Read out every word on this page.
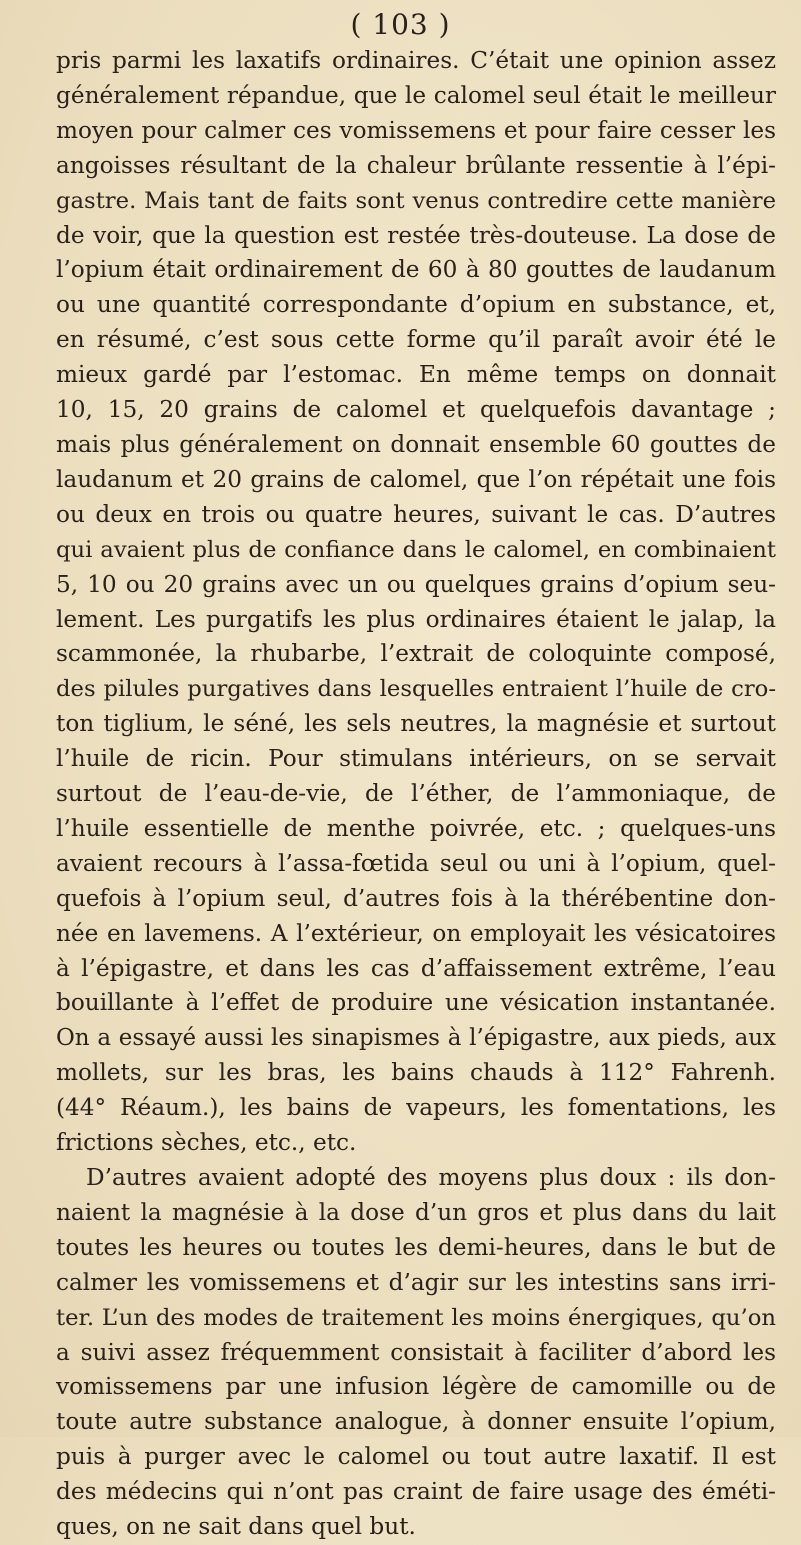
( 103 )
pris parmi les laxatifs ordinaires. C’était une opinion assez
généralement répandue, que le calomel seul était le meilleur
moyen pour calmer ces vomissemens et pour faire cesser les
angoisses résultant de la chaleur brûlante ressentie à l’épi-
gastre. Mais tant de faits sont venus contredire cette manière
de voir, que la question est restée très-douteuse. La dose de
l’opium était ordinairement de 60 à 80 gouttes de laudanum
ou une quantité correspondante d’opium en substance, et,
en résumé, c’est sous cette forme qu’il paraît avoir été le
mieux gardé par l’estomac. En même temps on donnait
10, 15, 20 grains de calomel et quelquefois davantage ;
mais plus généralement on donnait ensemble 60 gouttes de
laudanum et 20 grains de calomel, que l’on répétait une fois
ou deux en trois ou quatre heures, suivant le cas. D’autres
qui avaient plus de confiance dans le calomel, en combinaient
5, 10 ou 20 grains avec un ou quelques grains d’opium seu-
lement. Les purgatifs les plus ordinaires étaient le jalap, la
scammonée, la rhubarbe, l’extrait de coloquinte composé,
des pilules purgatives dans lesquelles entraient l’huile de cro-
ton tiglium, le séné, les sels neutres, la magnésie et surtout
l’huile de ricin. Pour stimulans intérieurs, on se servait
surtout de l’eau-de-vie, de l’éther, de l’ammoniaque, de
l’huile essentielle de menthe poivrée, etc. ; quelques-uns
avaient recours à l’assa-fœtida seul ou uni à l’opium, quel-
quefois à l’opium seul, d’autres fois à la thérébentine don-
née en lavemens. A l’extérieur, on employait les vésicatoires
à l’épigastre, et dans les cas d’affaissement extrême, l’eau
bouillante à l’effet de produire une vésication instantanée.
On a essayé aussi les sinapismes à l’épigastre, aux pieds, aux
mollets, sur les bras, les bains chauds à 112° Fahrenh.
(44° Réaum.), les bains de vapeurs, les fomentations, les
frictions sèches, etc., etc.
D’autres avaient adopté des moyens plus doux : ils don-
naient la magnésie à la dose d’un gros et plus dans du lait
toutes les heures ou toutes les demi-heures, dans le but de
calmer les vomissemens et d’agir sur les intestins sans irri-
ter. L’un des modes de traitement les moins énergiques, qu’on
a suivi assez fréquemment consistait à faciliter d’abord les
vomissemens par une infusion légère de camomille ou de
toute autre substance analogue, à donner ensuite l’opium,
puis à purger avec le calomel ou tout autre laxatif. Il est
des médecins qui n’ont pas craint de faire usage des éméti-
ques, on ne sait dans quel but.
